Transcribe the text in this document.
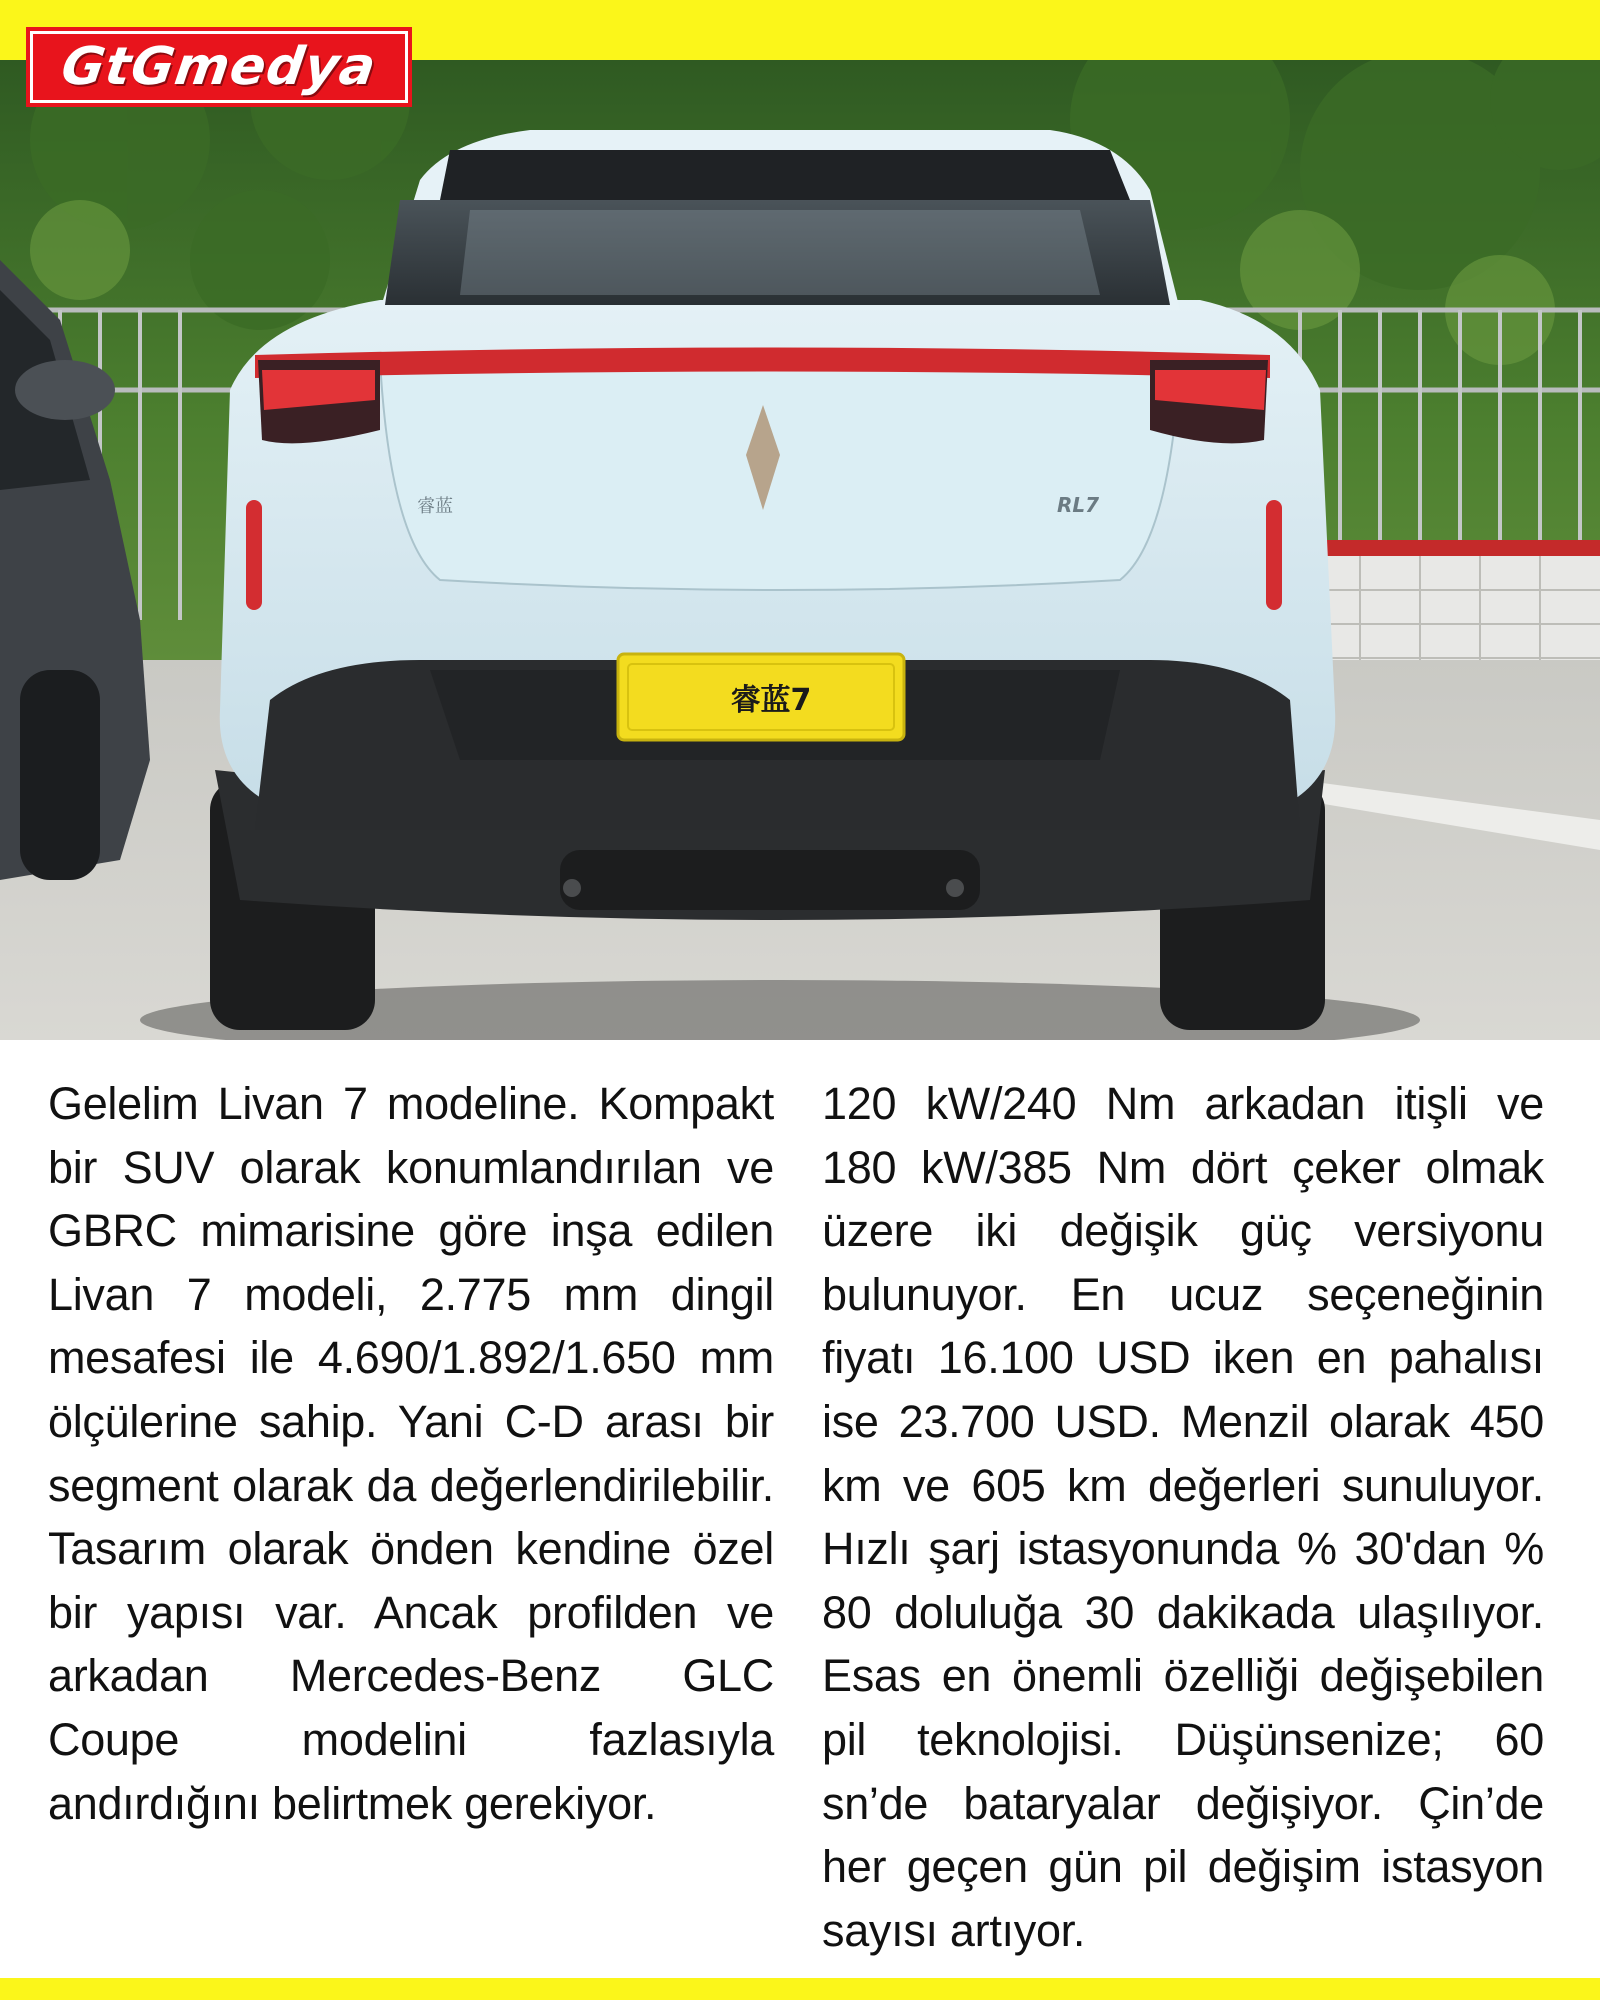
GtGmedya
睿蓝7
睿蓝	RL7

Gelelim Livan 7 modeline. Kompakt bir SUV olarak konumlandırılan ve GBRC mimarisine göre inşa edilen Livan 7 modeli, 2.775 mm dingil mesafesi ile 4.690/1.892/1.650 mm ölçülerine sahip. Yani C-D arası bir segment olarak da değerlendirilebilir. Tasarım olarak önden kendine özel bir yapısı var. Ancak profilden ve arkadan Mercedes-Benz GLC Coupe modelini fazlasıyla andırdığını belirtmek gerekiyor.

120 kW/240 Nm arkadan itişli ve 180 kW/385 Nm dört çeker olmak üzere iki değişik güç versiyonu bulunuyor. En ucuz seçeneğinin fiyatı 16.100 USD iken en pahalısı ise 23.700 USD. Menzil olarak 450 km ve 605 km değerleri sunuluyor. Hızlı şarj istasyonunda % 30'dan % 80 doluluğa 30 dakikada ulaşılıyor. Esas en önemli özelliği değişebilen pil teknolojisi. Düşünsenize; 60 sn’de bataryalar değişiyor. Çin’de her geçen gün pil değişim istasyon sayısı artıyor.
